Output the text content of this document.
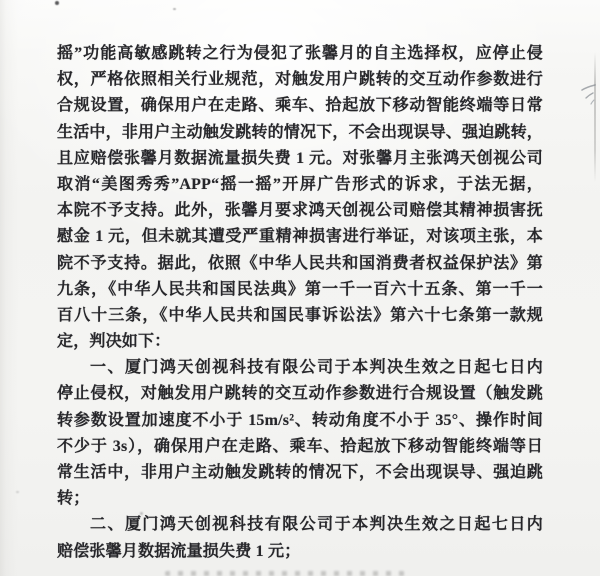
摇”功能高敏感跳转之行为侵犯了张馨月的自主选择权，应停止侵
权，严格依照相关行业规范，对触发用户跳转的交互动作参数进行
合规设置，确保用户在走路、乘车、拾起放下移动智能终端等日常
生活中，非用户主动触发跳转的情况下，不会出现误导、强迫跳转，
且应赔偿张馨月数据流量损失费 1 元。对张馨月主张鸿天创视公司
取消“美图秀秀”APP“摇一摇”开屏广告形式的诉求，于法无据，
本院不予支持。此外，张馨月要求鸿天创视公司赔偿其精神损害抚
慰金 1 元，但未就其遭受严重精神损害进行举证，对该项主张，本
院不予支持。据此，依照《中华人民共和国消费者权益保护法》第
九条，《中华人民共和国民法典》第一千一百六十五条、第一千一
百八十三条，《中华人民共和国民事诉讼法》第六十七条第一款规
定，判决如下：
一、厦门鸿天创视科技有限公司于本判决生效之日起七日内
停止侵权，对触发用户跳转的交互动作参数进行合规设置（触发跳
转参数设置加速度不小于 15m/s²、转动角度不小于 35°、操作时间
不少于 3s），确保用户在走路、乘车、拾起放下移动智能终端等日
常生活中，非用户主动触发跳转的情况下，不会出现误导、强迫跳
转；
二、厦门鸿天创视科技有限公司于本判决生效之日起七日内
赔偿张馨月数据流量损失费 1 元；
